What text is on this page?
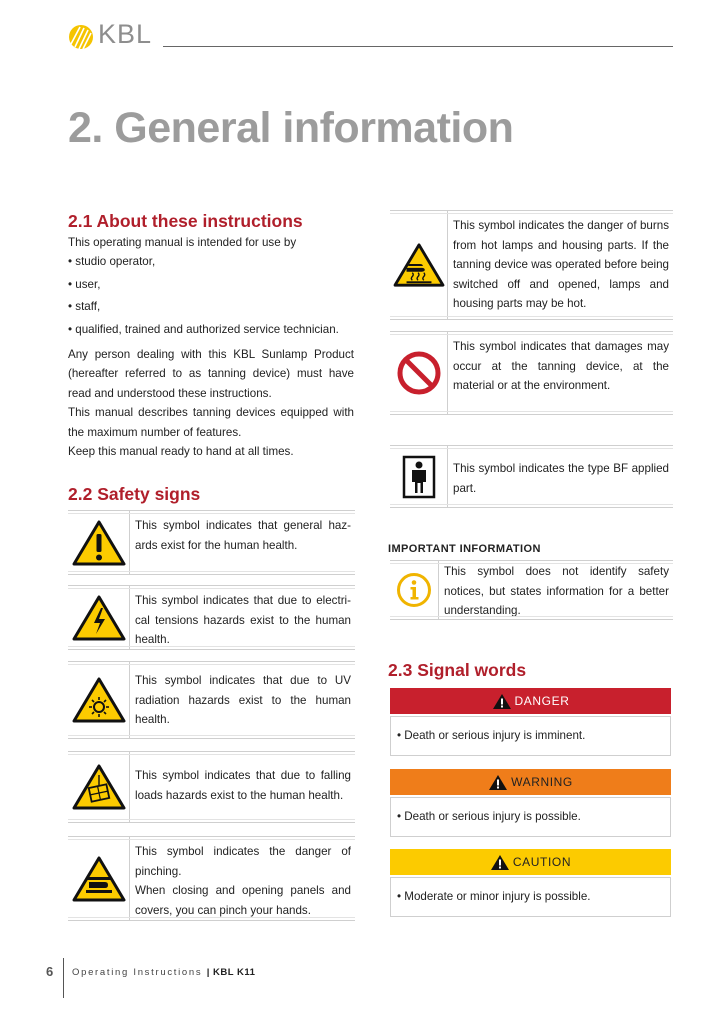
KBL
2. General information
2.1 About these instructions
This operating manual is intended for use by
• studio operator,
• user,
• staff,
• qualified, trained and authorized service technician.

Any person dealing with this KBL Sunlamp Product (hereafter referred to as tanning device) must have read and understood these instructions.

This manual describes tanning devices equipped with the maximum number of features.

Keep this manual ready to hand at all times.

2.2 Safety signs
This symbol indicates that general haz-ards exist for the human health.
This symbol indicates that due to electri-cal tensions hazards exist to the human health.
This symbol indicates that due to UV radiation hazards exist to the human health.
This symbol indicates that due to falling loads hazards exist to the human health.
This symbol indicates the danger of pinching.
When closing and opening panels and covers, you can pinch your hands.
This symbol indicates the danger of burns from hot lamps and housing parts. If the tanning device was operated before being switched off and opened, lamps and housing parts may be hot.
This symbol indicates that damages may occur at the tanning device, at the material or at the environment.
This symbol indicates the type BF applied part.
IMPORTANT INFORMATION
This symbol does not identify safety notices, but states information for a better understanding.
2.3 Signal words
DANGER
• Death or serious injury is imminent.
WARNING
• Death or serious injury is possible.
CAUTION
• Moderate or minor injury is possible.
6 Operating Instructions | KBL K11
